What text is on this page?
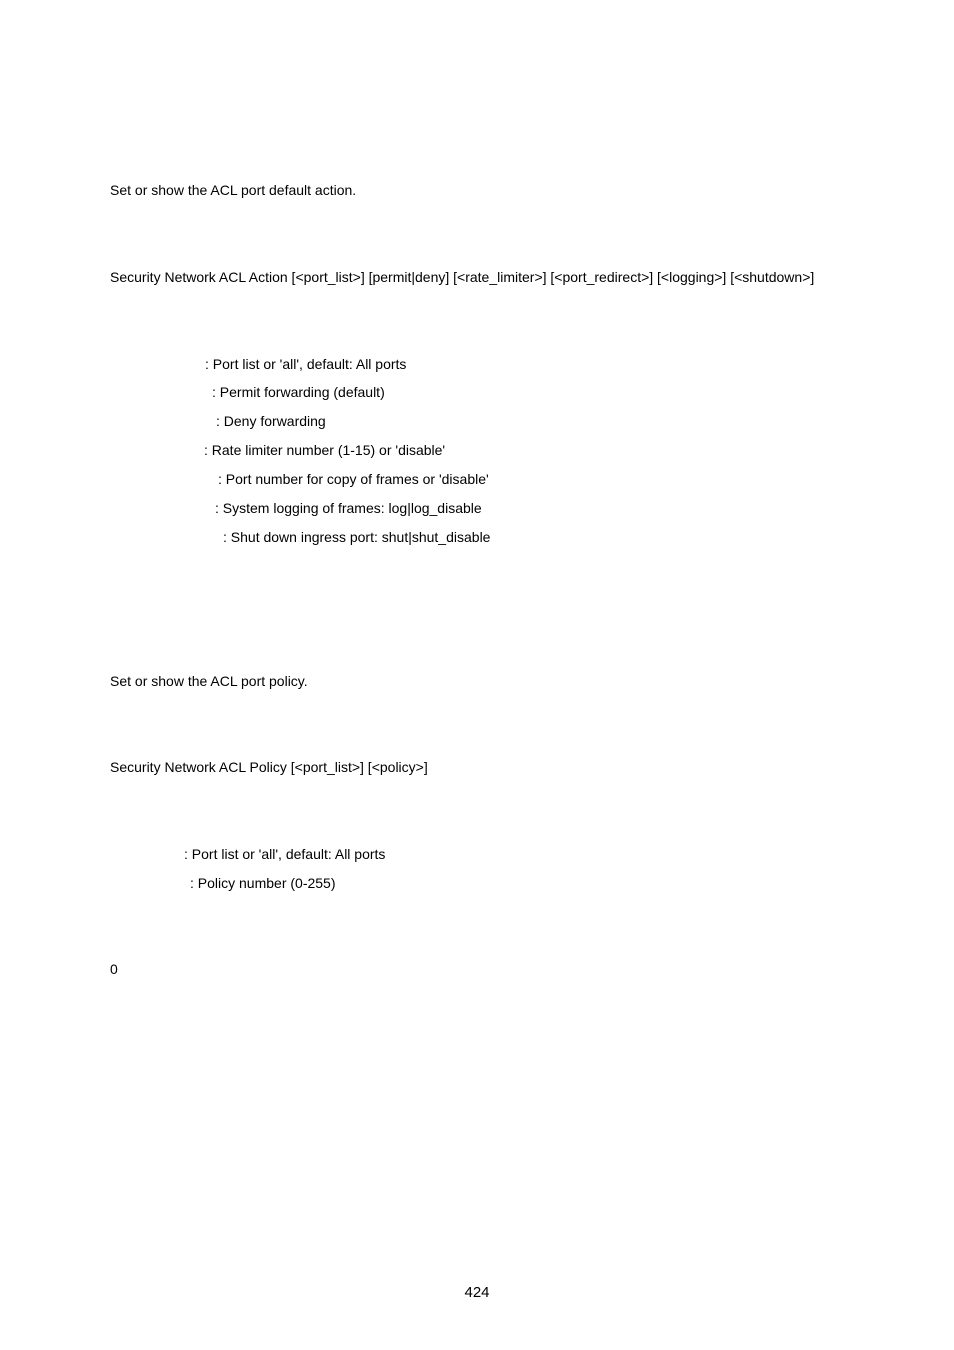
Set or show the ACL port default action.
Security Network ACL Action [<port_list>] [permit|deny] [<rate_limiter>] [<port_redirect>] [<logging>] [<shutdown>]
: Port list or 'all', default: All ports
: Permit forwarding (default)
: Deny forwarding
: Rate limiter number (1-15) or 'disable'
: Port number for copy of frames or 'disable'
: System logging of frames: log|log_disable
: Shut down ingress port: shut|shut_disable
Set or show the ACL port policy.
Security Network ACL Policy [<port_list>] [<policy>]
: Port list or 'all', default: All ports
: Policy number (0-255)
0
424
